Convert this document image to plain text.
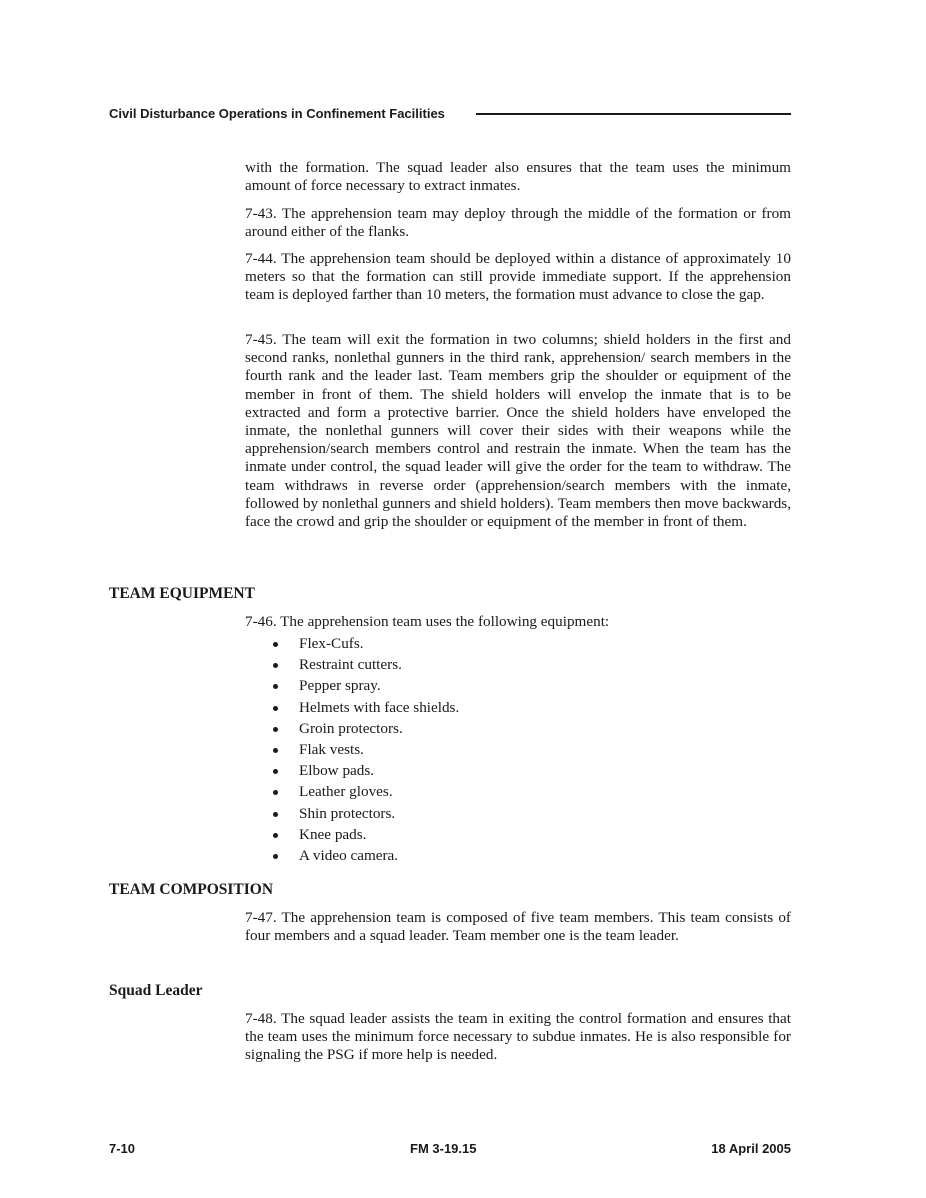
Civil Disturbance Operations in Confinement Facilities

with the formation. The squad leader also ensures that the team uses the minimum amount of force necessary to extract inmates.

7-43. The apprehension team may deploy through the middle of the formation or from around either of the flanks.

7-44. The apprehension team should be deployed within a distance of approximately 10 meters so that the formation can still provide immediate support. If the apprehension team is deployed farther than 10 meters, the formation must advance to close the gap.

7-45. The team will exit the formation in two columns; shield holders in the first and second ranks, nonlethal gunners in the third rank, apprehension/ search members in the fourth rank and the leader last. Team members grip the shoulder or equipment of the member in front of them. The shield holders will envelop the inmate that is to be extracted and form a protective barrier. Once the shield holders have enveloped the inmate, the nonlethal gunners will cover their sides with their weapons while the apprehension/search members control and restrain the inmate. When the team has the inmate under control, the squad leader will give the order for the team to withdraw. The team withdraws in reverse order (apprehension/search members with the inmate, followed by nonlethal gunners and shield holders). Team members then move backwards, face the crowd and grip the shoulder or equipment of the member in front of them.

TEAM EQUIPMENT

7-46. The apprehension team uses the following equipment:

Flex-Cufs.
Restraint cutters.
Pepper spray.
Helmets with face shields.
Groin protectors.
Flak vests.
Elbow pads.
Leather gloves.
Shin protectors.
Knee pads.
A video camera.
TEAM COMPOSITION

7-47. The apprehension team is composed of five team members. This team consists of four members and a squad leader. Team member one is the team leader.

Squad Leader

7-48. The squad leader assists the team in exiting the control formation and ensures that the team uses the minimum force necessary to subdue inmates. He is also responsible for signaling the PSG if more help is needed.

7-10	FM 3-19.15	18 April 2005
